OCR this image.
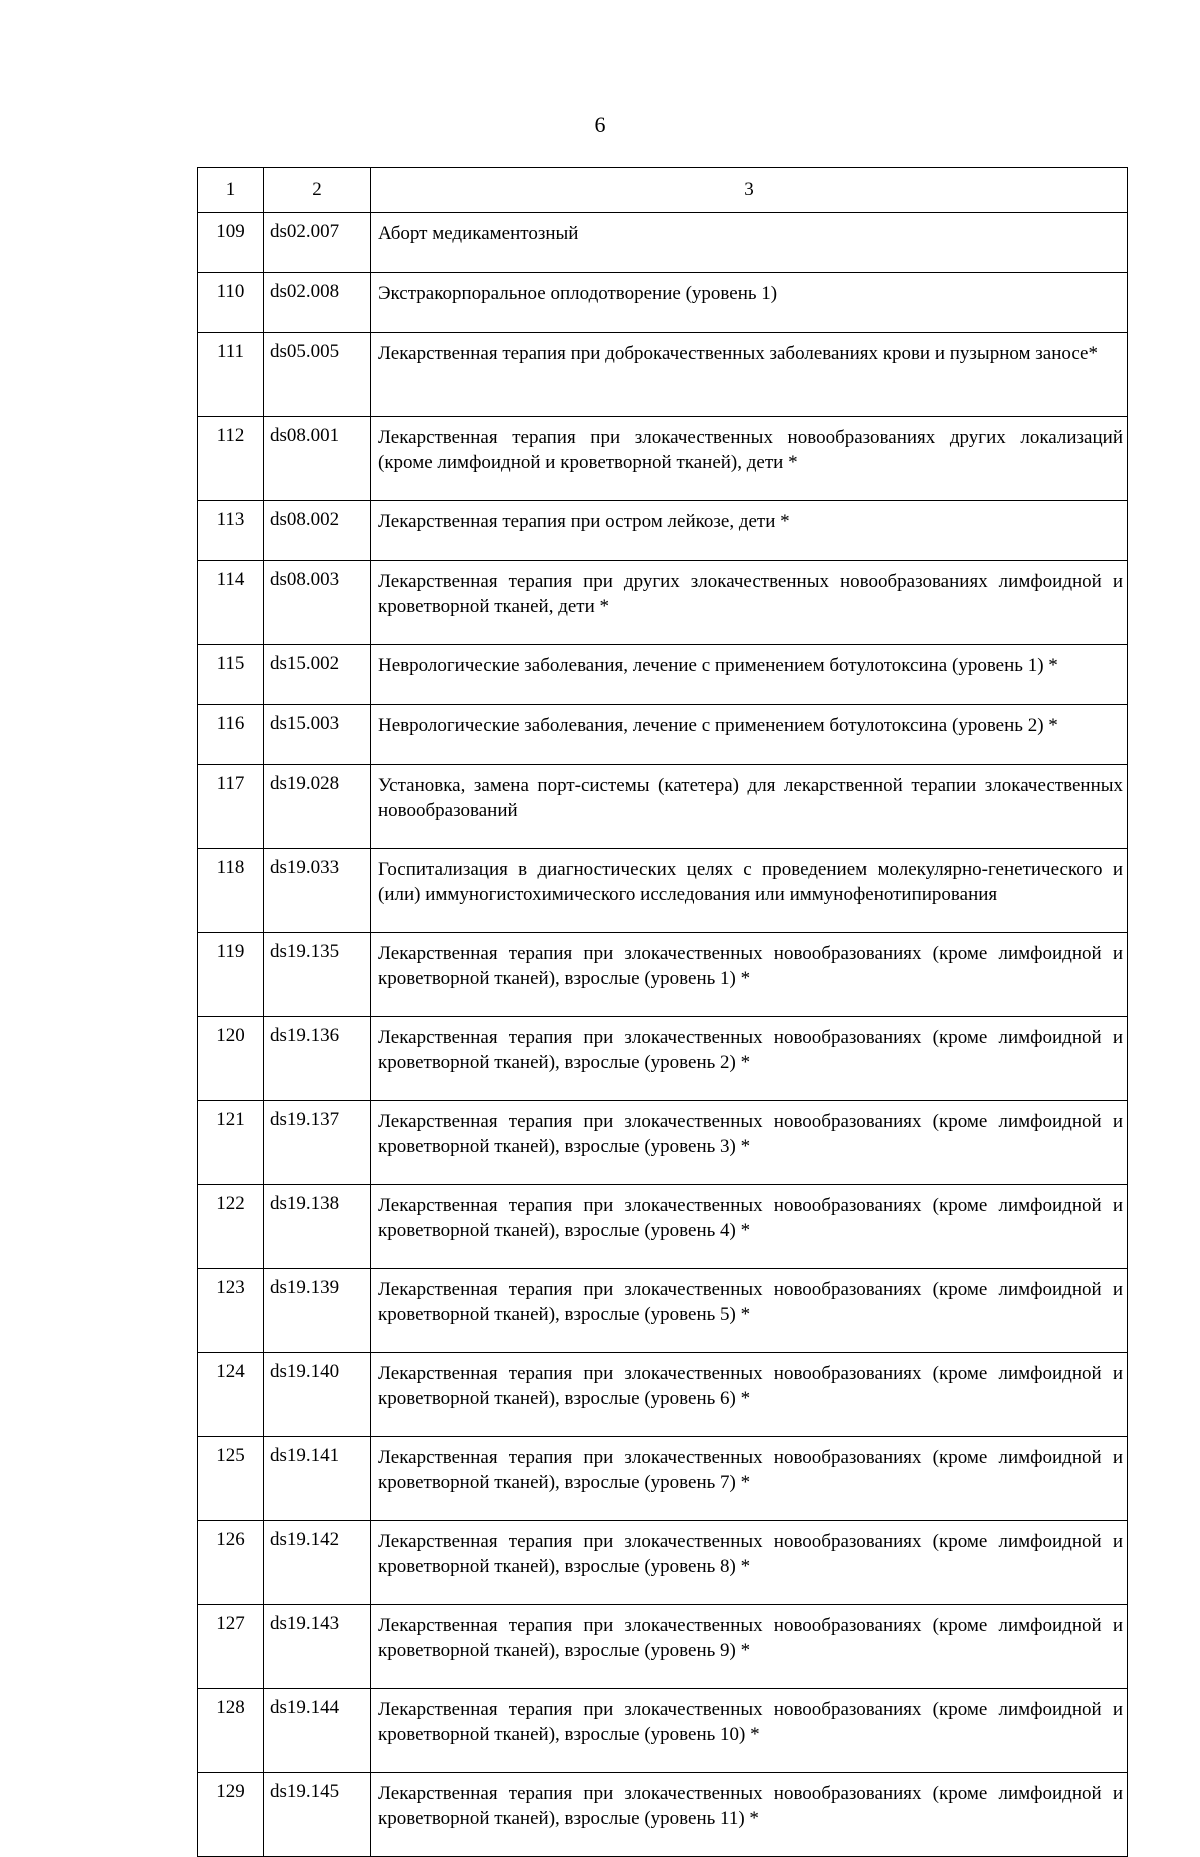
6
1	2	3
109	ds02.007	Аборт медикаментозный
110	ds02.008	Экстракорпоральное оплодотворение (уровень 1)
111	ds05.005	Лекарственная терапия при доброкачественных заболеваниях крови и пузырном заносе*
112	ds08.001	Лекарственная терапия при злокачественных новообразованиях других локализаций (кроме лимфоидной и кроветворной тканей), дети *
113	ds08.002	Лекарственная терапия при остром лейкозе, дети *
114	ds08.003	Лекарственная терапия при других злокачественных новообразованиях лимфоидной и кроветворной тканей, дети *
115	ds15.002	Неврологические заболевания, лечение с применением ботулотоксина (уровень 1) *
116	ds15.003	Неврологические заболевания, лечение с применением ботулотоксина (уровень 2) *
117	ds19.028	Установка, замена порт-системы (катетера) для лекарственной терапии злокачественных новообразований
118	ds19.033	Госпитализация в диагностических целях с проведением молекулярно-генетического и (или) иммуногистохимического исследования или иммунофенотипирования
119	ds19.135	Лекарственная терапия при злокачественных новообразованиях (кроме лимфоидной и кроветворной тканей), взрослые (уровень 1) *
120	ds19.136	Лекарственная терапия при злокачественных новообразованиях (кроме лимфоидной и кроветворной тканей), взрослые (уровень 2) *
121	ds19.137	Лекарственная терапия при злокачественных новообразованиях (кроме лимфоидной и кроветворной тканей), взрослые (уровень 3) *
122	ds19.138	Лекарственная терапия при злокачественных новообразованиях (кроме лимфоидной и кроветворной тканей), взрослые (уровень 4) *
123	ds19.139	Лекарственная терапия при злокачественных новообразованиях (кроме лимфоидной и кроветворной тканей), взрослые (уровень 5) *
124	ds19.140	Лекарственная терапия при злокачественных новообразованиях (кроме лимфоидной и кроветворной тканей), взрослые (уровень 6) *
125	ds19.141	Лекарственная терапия при злокачественных новообразованиях (кроме лимфоидной и кроветворной тканей), взрослые (уровень 7) *
126	ds19.142	Лекарственная терапия при злокачественных новообразованиях (кроме лимфоидной и кроветворной тканей), взрослые (уровень 8) *
127	ds19.143	Лекарственная терапия при злокачественных новообразованиях (кроме лимфоидной и кроветворной тканей), взрослые (уровень 9) *
128	ds19.144	Лекарственная терапия при злокачественных новообразованиях (кроме лимфоидной и кроветворной тканей), взрослые (уровень 10) *
129	ds19.145	Лекарственная терапия при злокачественных новообразованиях (кроме лимфоидной и кроветворной тканей), взрослые (уровень 11) *
